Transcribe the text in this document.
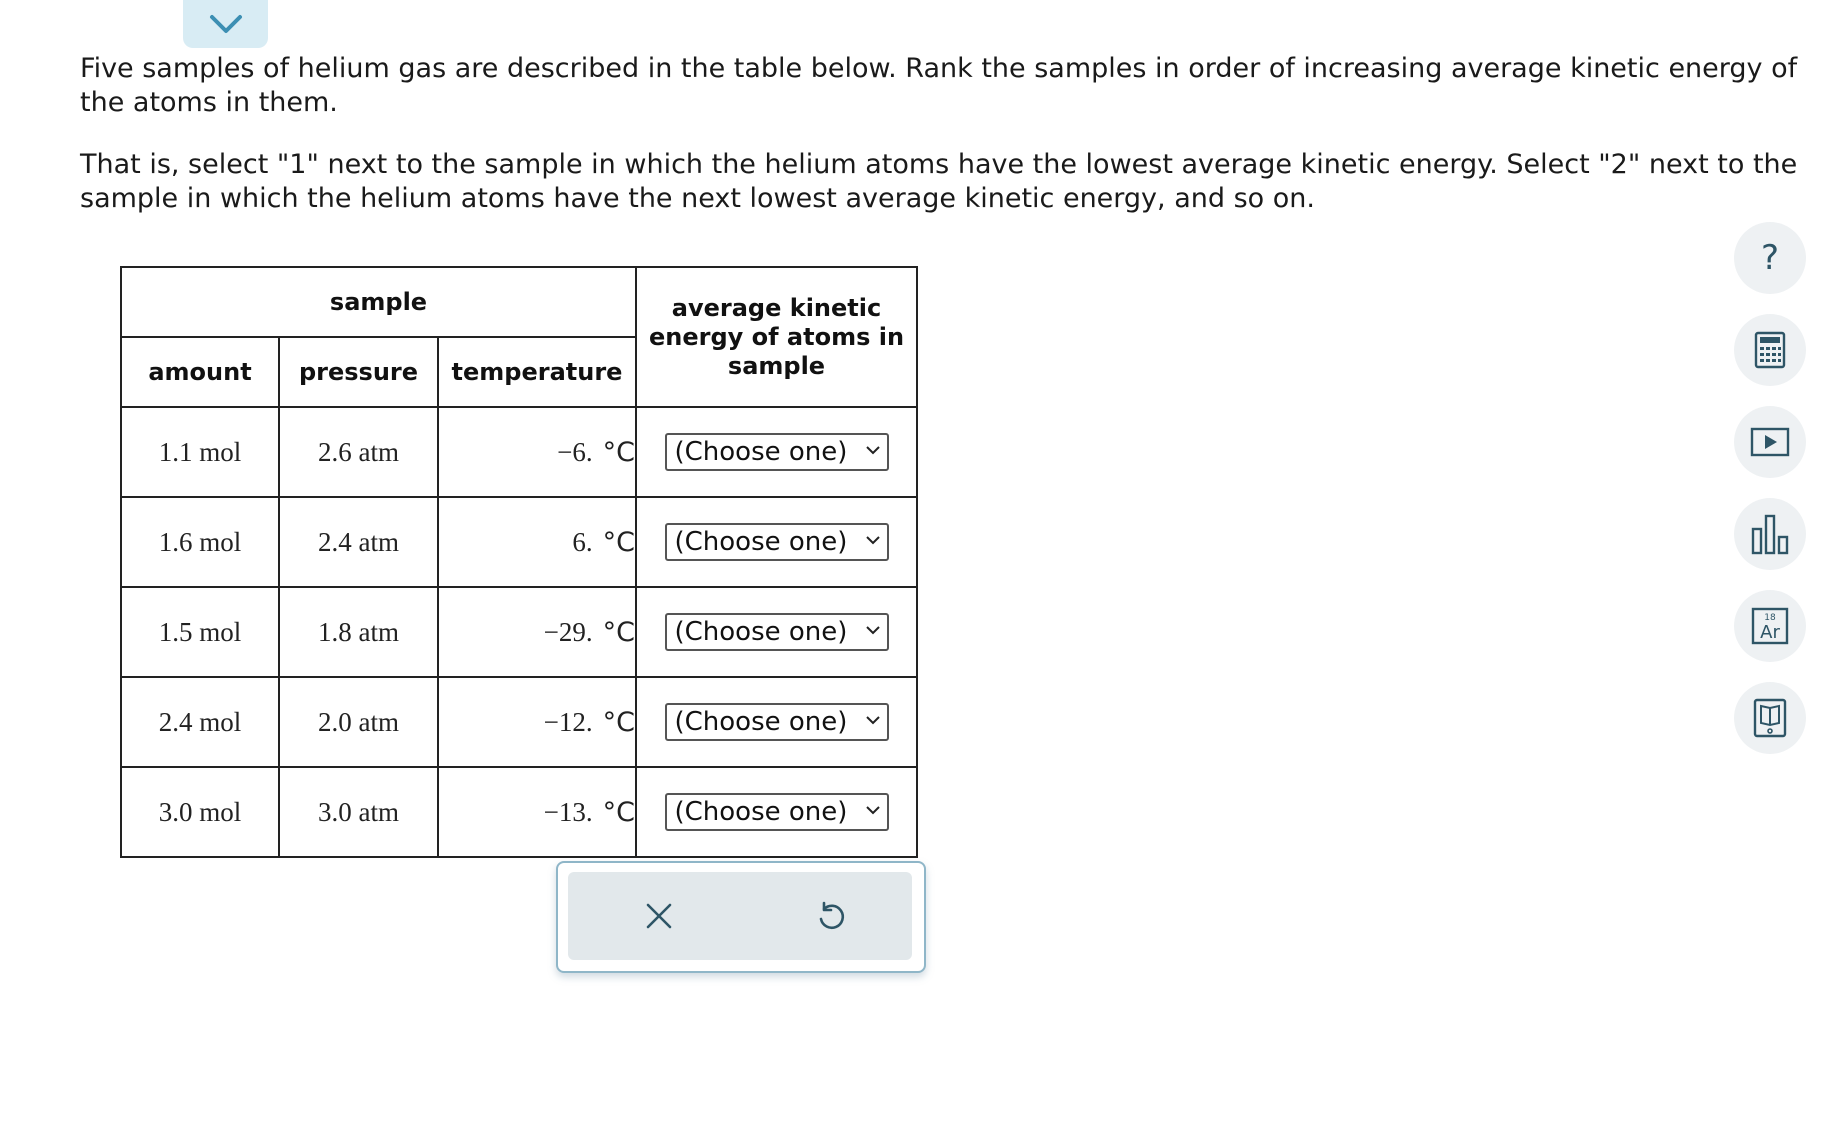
Five samples of helium gas are described in the table below. Rank the samples in order of increasing average kinetic energy of the atoms in them.

That is, select "1" next to the sample in which the helium atoms have the lowest average kinetic energy. Select "2" next to the sample in which the helium atoms have the next lowest average kinetic energy, and so on.

sample			average kinetic energy of atoms in sample
amount	pressure	temperature	
1.1 mol	2.6 atm	−6. °C	(Choose one)

1.6 mol	2.4 atm	6. °C	(Choose one)

1.5 mol	1.8 atm	−29. °C	(Choose one)

2.4 mol	2.0 atm	−12. °C	(Choose one)

3.0 mol	3.0 atm	−13. °C	(Choose one)
?
18
Ar
